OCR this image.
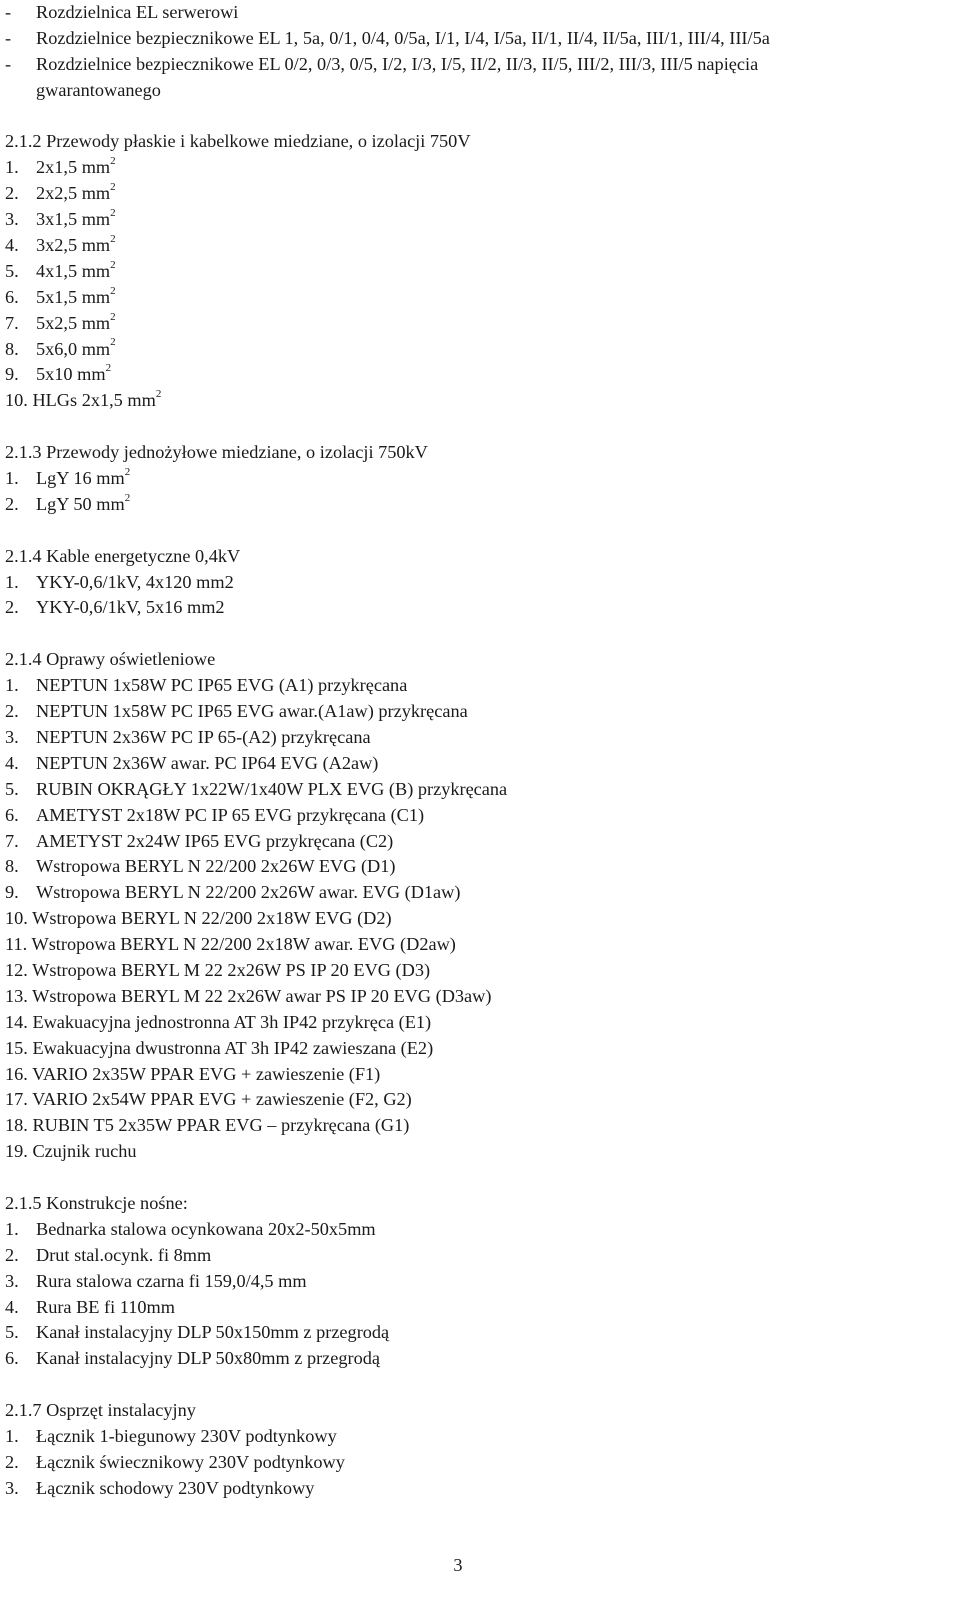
- Rozdzielnica EL serwerowi
- Rozdzielnice bezpiecznikowe EL 1, 5a, 0/1, 0/4, 0/5a, I/1, I/4, I/5a, II/1, II/4, II/5a, III/1, III/4, III/5a
- Rozdzielnice bezpiecznikowe EL 0/2, 0/3, 0/5, I/2, I/3, I/5, II/2, II/3, II/5, III/2, III/3, III/5 napięcia
gwarantowanego
2.1.2 Przewody płaskie i kabelkowe miedziane, o izolacji 750V
1. 2x1,5 $mm^2$
2. 2x2,5 $mm^2$
3. 3x1,5 $mm^2$
4. 3x2,5 $mm^2$
5. 4x1,5 $mm^2$
6. 5x1,5 $mm^2$
7. 5x2,5 $mm^2$
8. 5x6,0 $mm^2$
9. 5x10 $mm^2$
10. HLGs 2x1,5 $mm^2$
2.1.3 Przewody jednożyłowe miedziane, o izolacji 750kV
1. LgY 16 $mm^2$
2. LgY 50 $mm^2$
2.1.4 Kable energetyczne 0,4kV
1. YKY-0,6/1kV, 4x120 mm2
2. YKY-0,6/1kV, 5x16 mm2
2.1.4 Oprawy oświetleniowe
1. NEPTUN 1x58W PC IP65 EVG (A1) przykręcana
2. NEPTUN 1x58W PC IP65 EVG awar.(A1aw) przykręcana
3. NEPTUN 2x36W PC IP 65-(A2) przykręcana
4. NEPTUN 2x36W awar. PC IP64 EVG (A2aw)
5. RUBIN OKRĄGŁY 1x22W/1x40W PLX EVG (B) przykręcana
6. AMETYST 2x18W PC IP 65 EVG przykręcana (C1)
7. AMETYST 2x24W IP65 EVG przykręcana (C2)
8. Wstropowa BERYL N 22/200 2x26W EVG (D1)
9. Wstropowa BERYL N 22/200 2x26W awar. EVG (D1aw)
10. Wstropowa BERYL N 22/200 2x18W EVG (D2)
11. Wstropowa BERYL N 22/200 2x18W awar. EVG (D2aw)
12. Wstropowa BERYL M 22 2x26W PS IP 20 EVG (D3)
13. Wstropowa BERYL M 22 2x26W awar PS IP 20 EVG (D3aw)
14. Ewakuacyjna jednostronna AT 3h IP42 przykręca (E1)
15. Ewakuacyjna dwustronna AT 3h IP42 zawieszana (E2)
16. VARIO 2x35W PPAR EVG + zawieszenie (F1)
17. VARIO 2x54W PPAR EVG + zawieszenie (F2, G2)
18. RUBIN T5 2x35W PPAR EVG – przykręcana (G1)
19. Czujnik ruchu
2.1.5 Konstrukcje nośne:
1. Bednarka stalowa ocynkowana 20x2-50x5mm
2. Drut stal.ocynk. fi 8mm
3. Rura stalowa czarna fi 159,0/4,5 mm
4. Rura BE fi 110mm
5. Kanał instalacyjny DLP 50x150mm z przegrodą
6. Kanał instalacyjny DLP 50x80mm z przegrodą
2.1.7 Osprzęt instalacyjny
1. Łącznik 1-biegunowy 230V podtynkowy
2. Łącznik świecznikowy 230V podtynkowy
3. Łącznik schodowy 230V podtynkowy
3
